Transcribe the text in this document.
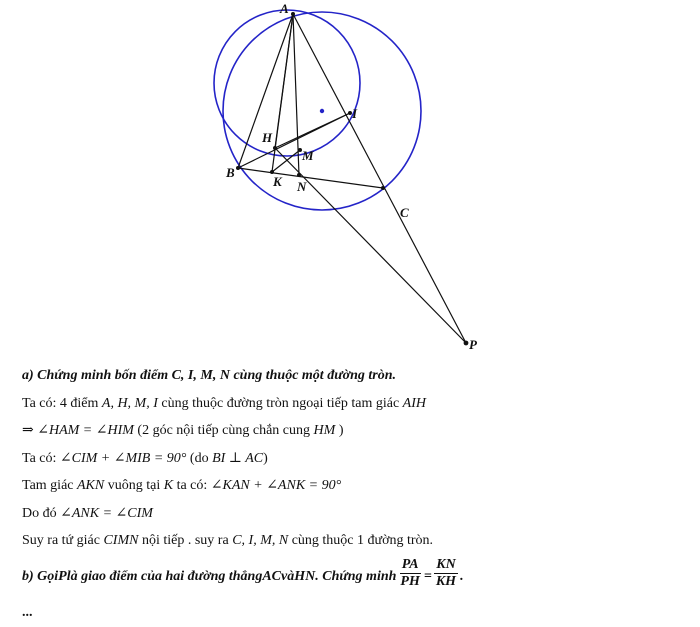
A
H
I
M
B
K N
C
P
a) Chứng minh bốn điểm C, I, M, N cùng thuộc một đường tròn.
Ta có: 4 điểm A, H, M, I cùng thuộc đường tròn ngoại tiếp tam giác AIH
⇒ ∠HAM = ∠HIM (2 góc nội tiếp cùng chắn cung HM )
Ta có: ∠CIM + ∠MIB = 90° (do BI ⊥ AC)
Tam giác AKN vuông tại K ta có: ∠KAN + ∠ANK = 90°
Do đó ∠ANK = ∠CIM
Suy ra tứ giác CIMN nội tiếp . suy ra C, I, M, N cùng thuộc 1 đường tròn.
b) Gọi P là giao điểm của hai đường thẳng AC và HN . Chứng minh $\frac{PA}{PH} = \frac{KN}{KH}$ .
...
